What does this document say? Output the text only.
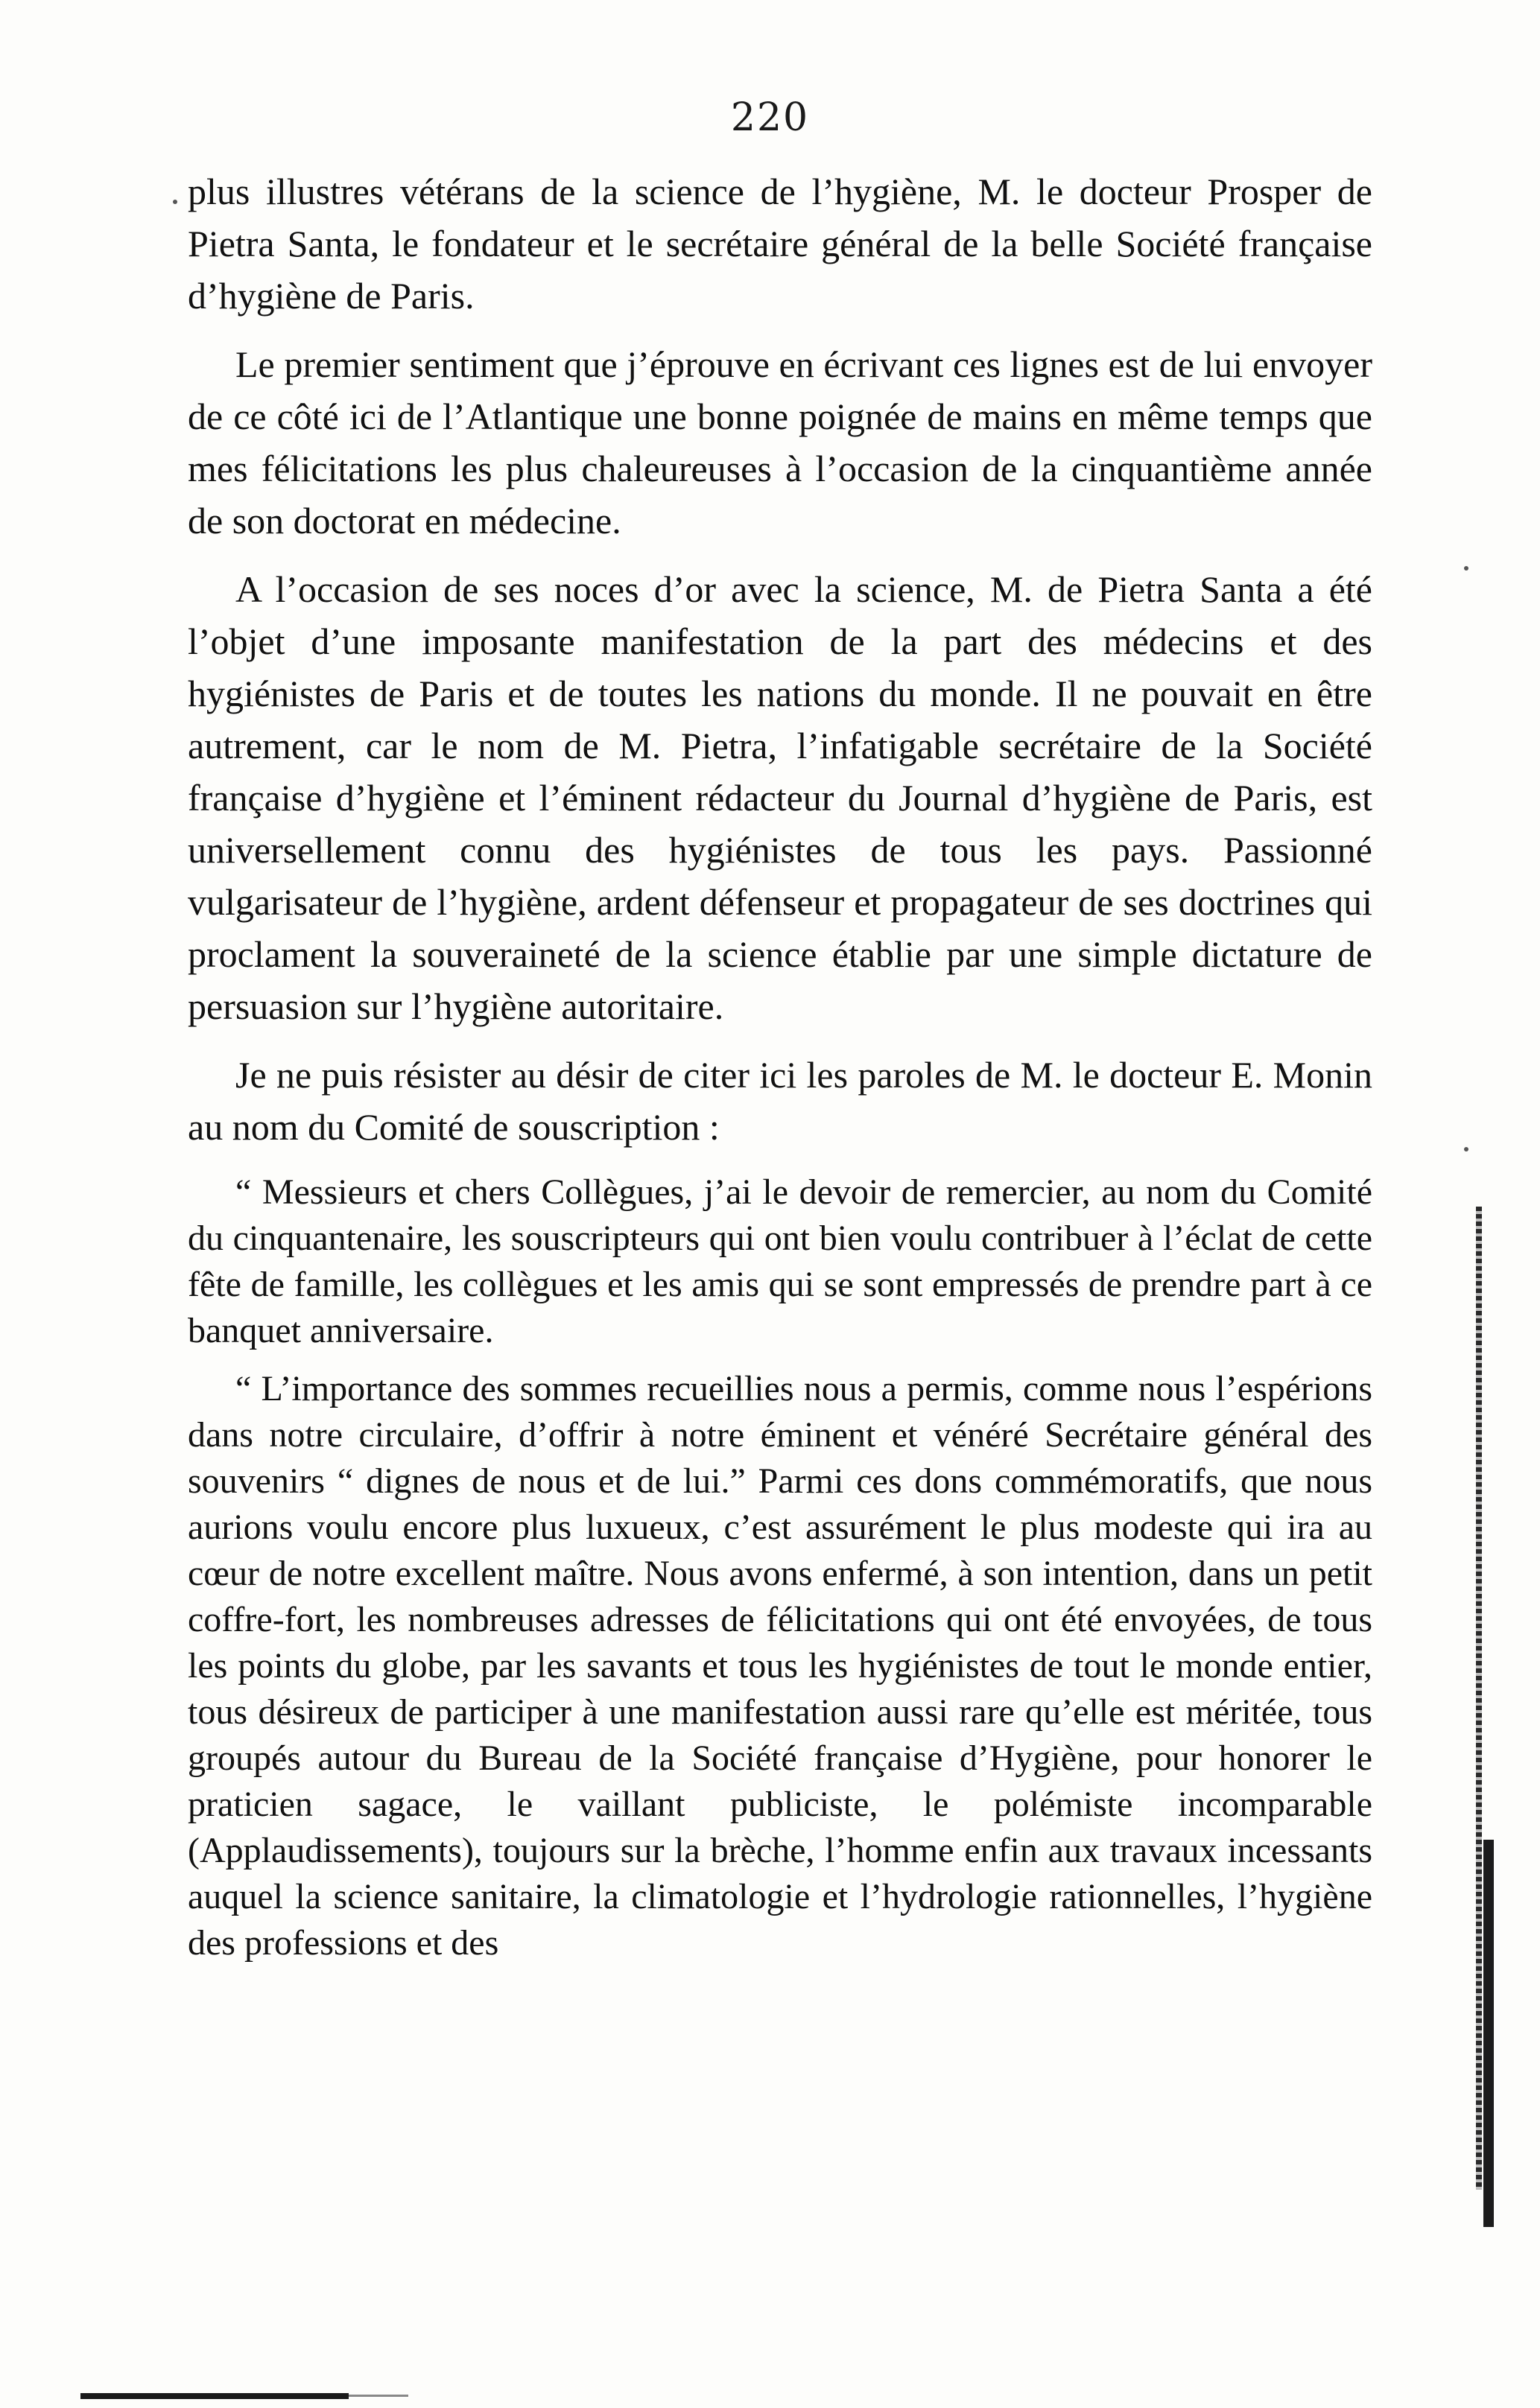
220

plus illustres vétérans de la science de l’hygiène, M. le docteur Prosper de Pietra Santa, le fondateur et le secrétaire général de la belle Société française d’hygiène de Paris.

Le premier sentiment que j’éprouve en écrivant ces lignes est de lui envoyer de ce côté ici de l’Atlantique une bonne poignée de mains en même temps que mes félicitations les plus chaleureuses à l’occasion de la cinquantième année de son doctorat en médecine.

A l’occasion de ses noces d’or avec la science, M. de Pietra Santa a été l’objet d’une imposante manifestation de la part des médecins et des hygiénistes de Paris et de toutes les nations du monde. Il ne pouvait en être autrement, car le nom de M. Pietra, l’infatigable secrétaire de la Société française d’hygiène et l’éminent rédacteur du Journal d’hygiène de Paris, est universellement connu des hygiénistes de tous les pays. Passionné vulgarisateur de l’hygiène, ardent défenseur et propagateur de ses doctrines qui proclament la souveraineté de la science établie par une simple dictature de persuasion sur l’hygiène autoritaire.

Je ne puis résister au désir de citer ici les paroles de M. le docteur E. Monin au nom du Comité de souscription :

“ Messieurs et chers Collègues, j’ai le devoir de remercier, au nom du Comité du cinquantenaire, les souscripteurs qui ont bien voulu contribuer à l’éclat de cette fête de famille, les collègues et les amis qui se sont empressés de prendre part à ce banquet anniversaire.

“ L’importance des sommes recueillies nous a permis, comme nous l’espérions dans notre circulaire, d’offrir à notre éminent et vénéré Secrétaire général des souvenirs “ dignes de nous et de lui.” Parmi ces dons commémoratifs, que nous aurions voulu encore plus luxueux, c’est assurément le plus modeste qui ira au cœur de notre excellent maître. Nous avons enfermé, à son intention, dans un petit coffre-fort, les nombreuses adresses de félicitations qui ont été envoyées, de tous les points du globe, par les savants et tous les hygiénistes de tout le monde entier, tous désireux de participer à une manifestation aussi rare qu’elle est méritée, tous groupés autour du Bureau de la Société française d’Hygiène, pour honorer le praticien sagace, le vaillant publiciste, le polémiste incomparable (Applaudissements), toujours sur la brèche, l’homme enfin aux travaux incessants auquel la science sanitaire, la climatologie et l’hydrologie rationnelles, l’hygiène des professions et des
